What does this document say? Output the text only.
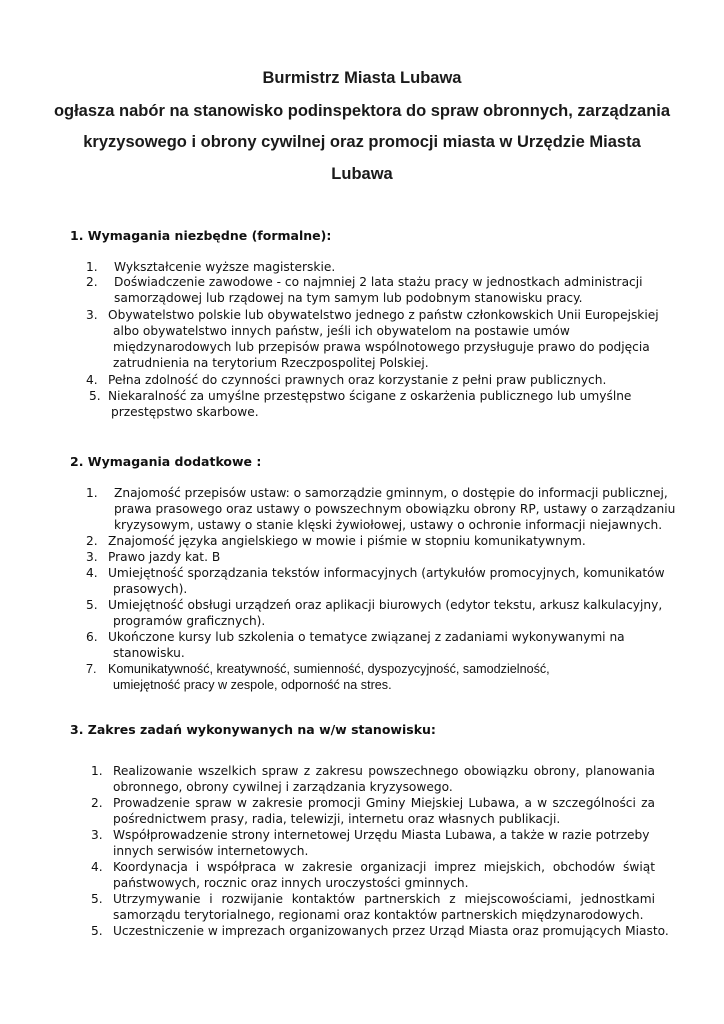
Burmistrz Miasta Lubawa
ogłasza nabór na stanowisko podinspektora do spraw obronnych, zarządzania
kryzysowego i obrony cywilnej oraz promocji miasta w Urzędzie Miasta
Lubawa
1. Wymagania niezbędne (formalne):
1. Wykształcenie wyższe magisterskie.
2. Doświadczenie zawodowe - co najmniej 2 lata stażu pracy w jednostkach administracji
samorządowej lub rządowej na tym samym lub podobnym stanowisku pracy.
3. Obywatelstwo polskie lub obywatelstwo jednego z państw członkowskich Unii Europejskiej
albo obywatelstwo innych państw, jeśli ich obywatelom na postawie umów
międzynarodowych lub przepisów prawa wspólnotowego przysługuje prawo do podjęcia
zatrudnienia na terytorium Rzeczpospolitej Polskiej.
4. Pełna zdolność do czynności prawnych oraz korzystanie z pełni praw publicznych.
5. Niekaralność za umyślne przestępstwo ścigane z oskarżenia publicznego lub umyślne
przestępstwo skarbowe.
2. Wymagania dodatkowe :
1. Znajomość przepisów ustaw: o samorządzie gminnym, o dostępie do informacji publicznej,
prawa prasowego oraz ustawy o powszechnym obowiązku obrony RP, ustawy o zarządzaniu
kryzysowym, ustawy o stanie klęski żywiołowej, ustawy o ochronie informacji niejawnych.
2. Znajomość języka angielskiego w mowie i piśmie w stopniu komunikatywnym.
3. Prawo jazdy kat. B
4. Umiejętność sporządzania tekstów informacyjnych (artykułów promocyjnych, komunikatów
prasowych).
5. Umiejętność obsługi urządzeń oraz aplikacji biurowych (edytor tekstu, arkusz kalkulacyjny,
programów graficznych).
6. Ukończone kursy lub szkolenia o tematyce związanej z zadaniami wykonywanymi na
stanowisku.
7. Komunikatywność, kreatywność, sumienność, dyspozycyjność, samodzielność,
umiejętność pracy w zespole, odporność na stres.
3. Zakres zadań wykonywanych na w/w stanowisku:
1. Realizowanie wszelkich spraw z zakresu powszechnego obowiązku obrony, planowania
obronnego, obrony cywilnej i zarządzania kryzysowego.
2. Prowadzenie spraw w zakresie promocji Gminy Miejskiej Lubawa, a w szczególności za
pośrednictwem prasy, radia, telewizji, internetu oraz własnych publikacji.
3. Współprowadzenie strony internetowej Urzędu Miasta Lubawa, a także w razie potrzeby
innych serwisów internetowych.
4. Koordynacja i współpraca w zakresie organizacji imprez miejskich, obchodów świąt
państwowych, rocznic oraz innych uroczystości gminnych.
5. Utrzymywanie i rozwijanie kontaktów partnerskich z miejscowościami, jednostkami
samorządu terytorialnego, regionami oraz kontaktów partnerskich międzynarodowych.
5. Uczestniczenie w imprezach organizowanych przez Urząd Miasta oraz promujących Miasto.
